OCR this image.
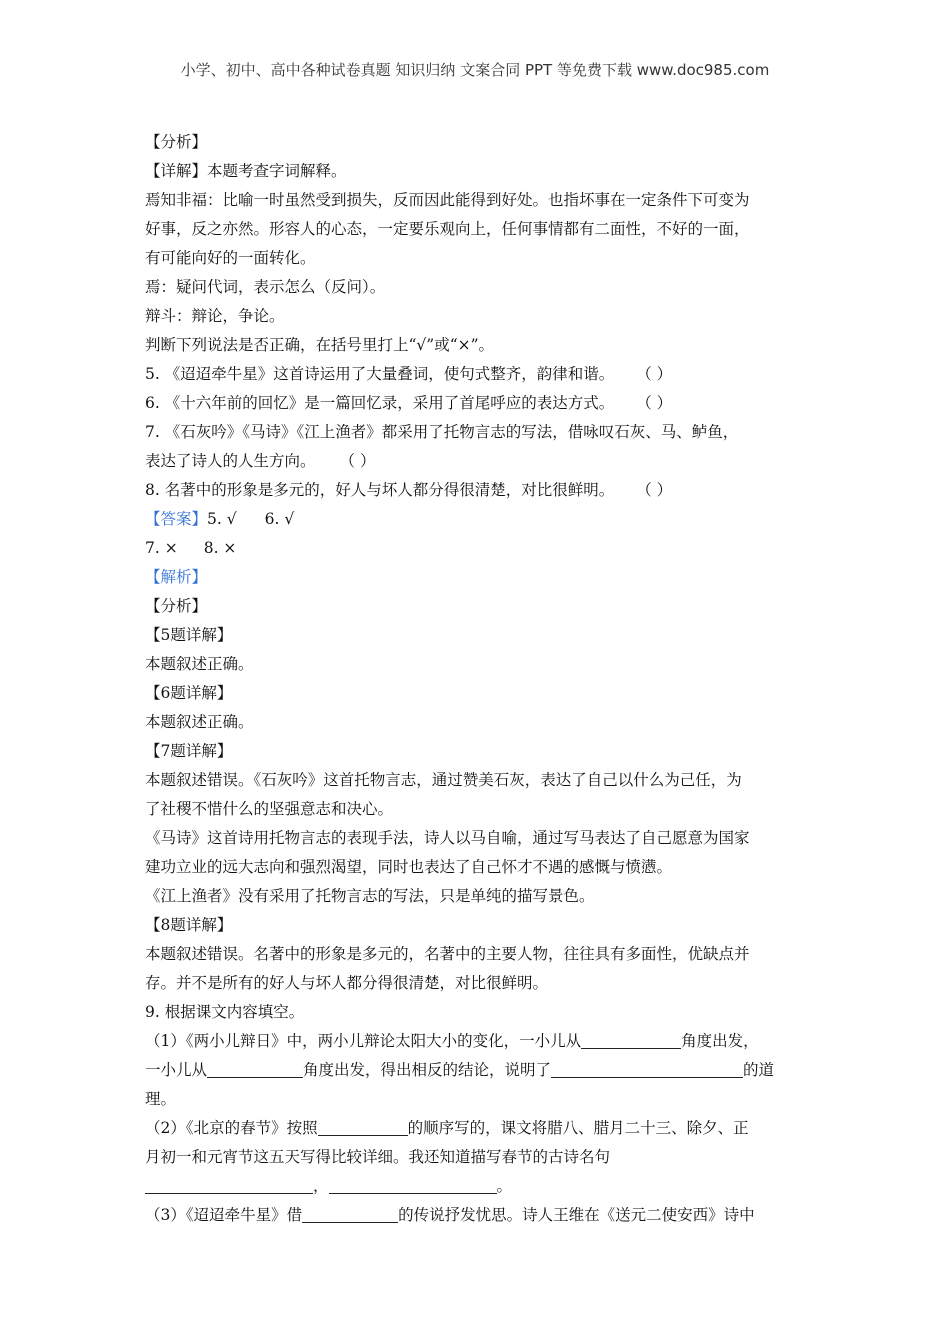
小学、初中、高中各种试卷真题 知识归纳 文案合同 PPT 等免费下载 www.doc985.com
【分析】
【详解】本题考查字词解释。
焉知非福：比喻一时虽然受到损失，反而因此能得到好处。也指坏事在一定条件下可变为
好事，反之亦然。形容人的心态，一定要乐观向上，任何事情都有二面性，不好的一面，
有可能向好的一面转化。
焉：疑问代词，表示怎么（反问）。
辩斗：辩论，争论。
判断下列说法是否正确，在括号里打上“√”或“×”。
5. 《迢迢牵牛星》这首诗运用了大量叠词，使句式整齐，韵律和谐。 （ ）
6. 《十六年前的回忆》是一篇回忆录，采用了首尾呼应的表达方式。 （ ）
7. 《石灰吟》《马诗》《江上渔者》都采用了托物言志的写法，借咏叹石灰、马、鲈鱼，
表达了诗人的人生方向。 （ ）
8. 名著中的形象是多元的，好人与坏人都分得很清楚，对比很鲜明。 （ ）
【答案】5. √ 6. √
7. × 8. ×
【解析】
【分析】
【5题详解】
本题叙述正确。
【6题详解】
本题叙述正确。
【7题详解】
本题叙述错误。《石灰吟》这首托物言志，通过赞美石灰，表达了自己以什么为己任，为
了社稷不惜什么的坚强意志和决心。
《马诗》这首诗用托物言志的表现手法，诗人以马自喻，通过写马表达了自己愿意为国家
建功立业的远大志向和强烈渴望，同时也表达了自己怀才不遇的感慨与愤懑。
《江上渔者》没有采用了托物言志的写法，只是单纯的描写景色。
【8题详解】
本题叙述错误。名著中的形象是多元的，名著中的主要人物，往往具有多面性，优缺点并
存。并不是所有的好人与坏人都分得很清楚，对比很鲜明。
9. 根据课文内容填空。
（1）《两小儿辩日》中，两小儿辩论太阳大小的变化，一小儿从	角度出发，
一小儿从	角度出发，得出相反的结论，说明了	的道
理。
（2）《北京的春节》按照	的顺序写的，课文将腊八、腊月二十三、除夕、正
月初一和元宵节这五天写得比较详细。我还知道描写春节的古诗名句
，	。
（3）《迢迢牵牛星》借	的传说抒发忧思。诗人王维在《送元二使安西》诗中
